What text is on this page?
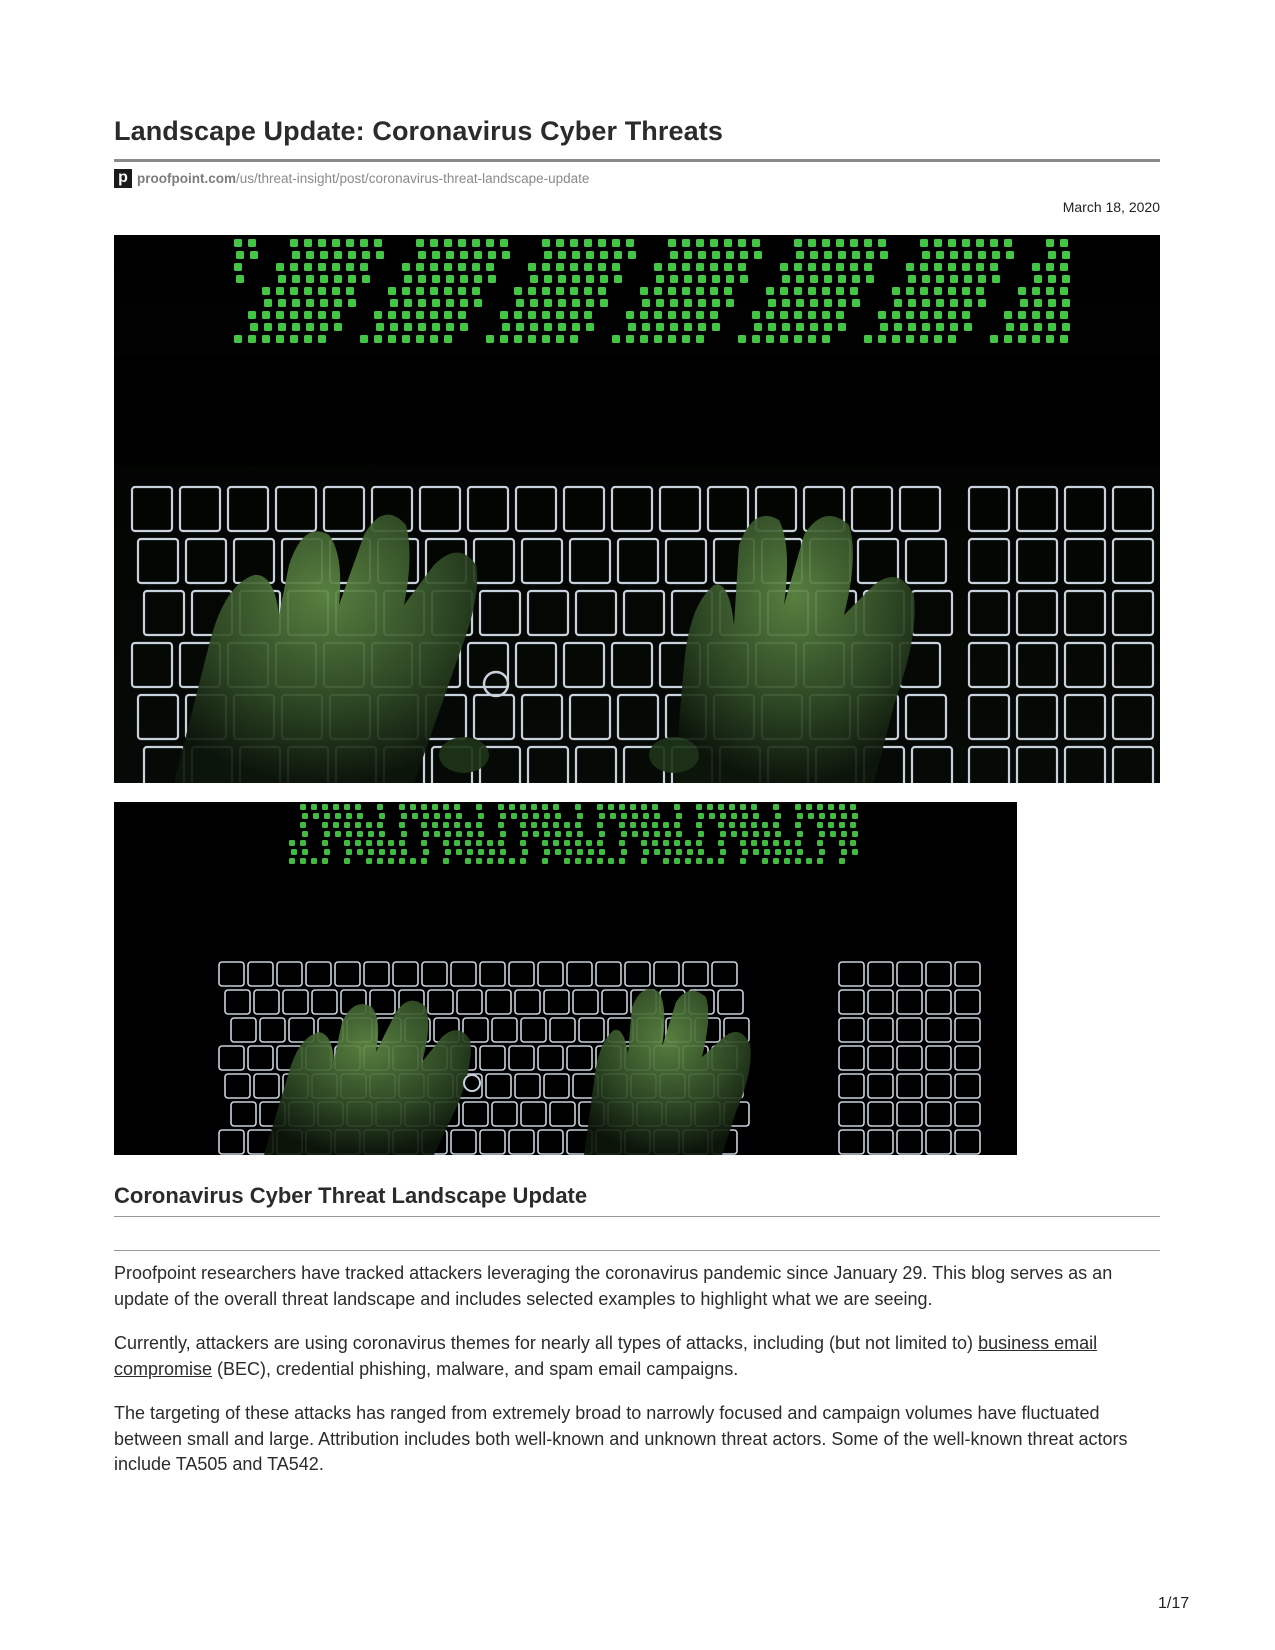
Landscape Update: Coronavirus Cyber Threats
p proofpoint.com /us/threat-insight/post/coronavirus-threat-landscape-update
March 18, 2020
Coronavirus Cyber Threat Landscape Update

Proofpoint researchers have tracked attackers leveraging the coronavirus pandemic since January 29. This blog serves as an update of the overall threat landscape and includes selected examples to highlight what we are seeing.

Currently, attackers are using coronavirus themes for nearly all types of attacks, including (but not limited to) business email compromise (BEC), credential phishing, malware, and spam email campaigns.

The targeting of these attacks has ranged from extremely broad to narrowly focused and campaign volumes have fluctuated between small and large. Attribution includes both well-known and unknown threat actors. Some of the well-known threat actors include TA505 and TA542.

1/17
